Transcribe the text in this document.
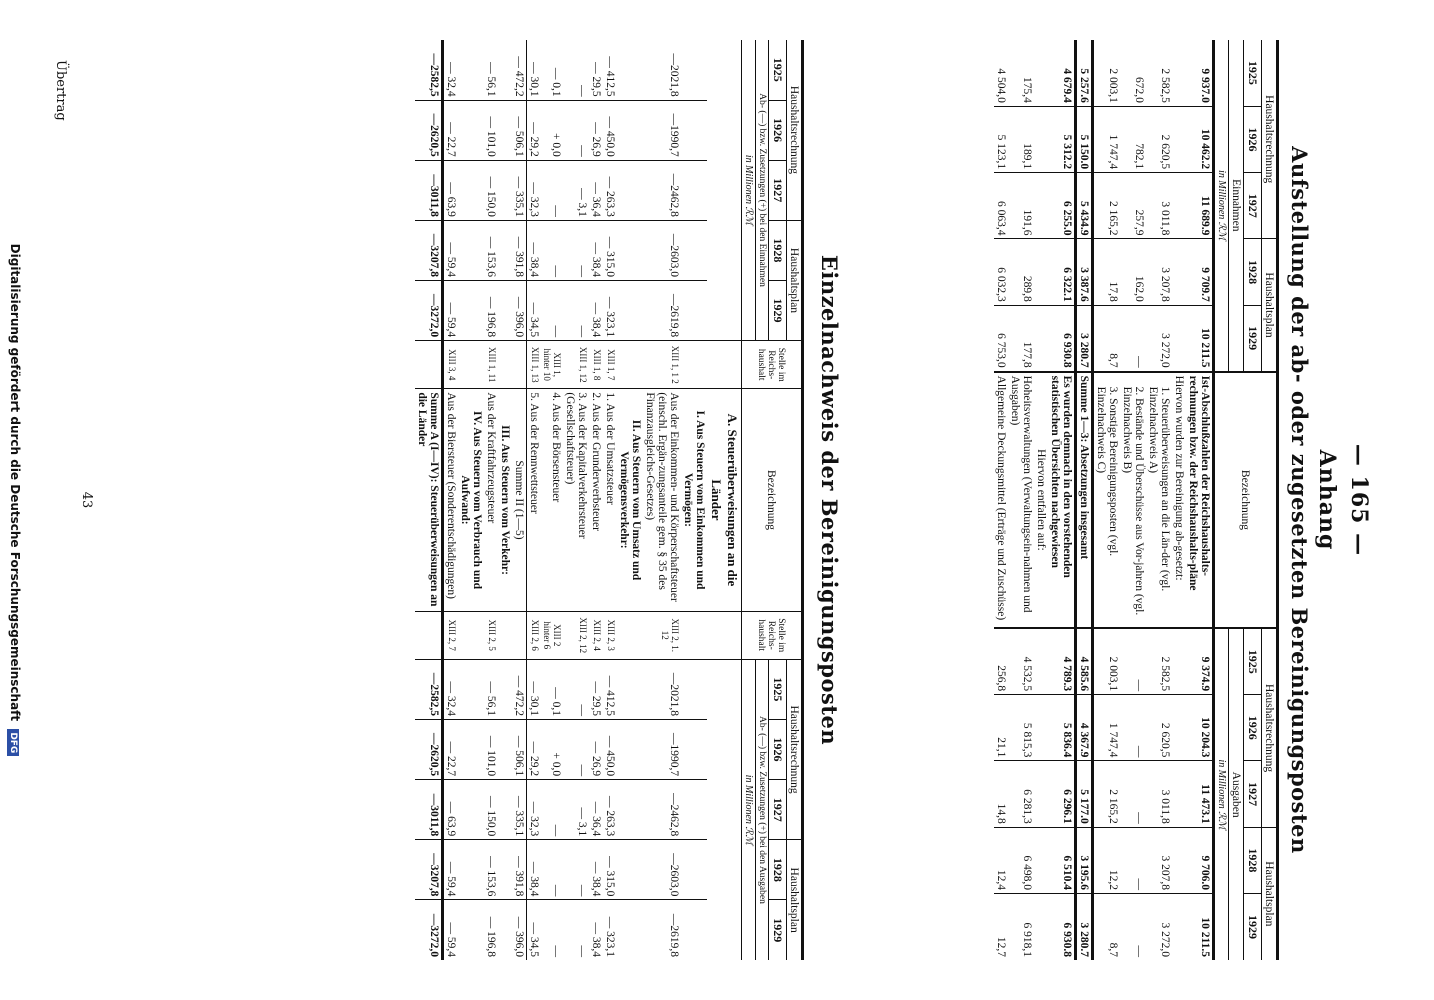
— 165 —
Anhang
Aufstellung der ab- oder zugesetzten Bereinigungsposten
Haushaltsrechnung			Haushaltsplan		Bezeichnung	Haushaltsrechnung			Haushaltsplan	
1925	1926	1927	1928	1929		1925	1926	1927	1928	1929
Einnahmen						Ausgaben				
in Millionen ℛℳ						in Millionen ℛℳ				
9 937.0	10 462.2	11 689.9	9 709.7	10 211.5	Ist-Abschlußzahlen der Reichshaushalts-rechnungen bzw. der Reichshaushalts-pläne	9 374.9	10 204.3	11 473.1	9 706.0	10 211.5
					Hiervon wurden zur Bereinigung ab-gesetzt:					
2 582,5	2 620,5	3 011,8	3 207,8	3 272,0	1. Steuerüberweisungen an die Län-der (vgl. Einzelnachweis A)	2 582,5	2 620,5	3 011,8	3 207,8	3 272,0
672,0	782,1	257,9	162,0	—	2. Bestände und Überschüsse aus Vor-jahren (vgl. Einzelnachweis B)	—	—	—	—	—
2 003,1	1 747,4	2 165,2	17,8	8,7	3. Sonstige Bereinigungsposten (vgl. Einzelnachweis C)	2 003,1	1 747,4	2 165,2	12,2	8,7
5 257.6	5 150.0	5 434.9	3 387.6	3 280.7	Summe 1—3: Absetzungen insgesamt	4 585.6	4 367.9	5 177.0	3 195.6	3 280.7
4 679.4	5 312.2	6 255.0	6 322.1	6 930.8	Es wurden demnach in den vorstehenden statistischen Übersichten nachgewiesen	4 789.3	5 836.4	6 296.1	6 510.4	6 930.8
					Hiervon entfallen auf:					
175,4	189,1	191,6	289,8	177,8	Hoheitsverwaltungen (Verwaltungsein-nahmen und Ausgaben)	4 532,5	5 815,3	6 281,3	6 498,0	6 918,1
4 504,0	5 123,1	6 063,4	6 032,3	6 753,0	Allgemeine Deckungsmittel (Erträge und Zuschüsse)	256,8	21,1	14,8	12,4	12,7
Einzelnachweis der Bereinigungsposten
Haushaltsrechnung			Haushaltsplan		Stelle im Reichs-haushalt	Bezeichnung	Stelle im Reichs-haushalt	Haushaltsrechnung			Haushaltsplan	
1925	1926	1927	1928	1929				1925	1926	1927	1928	1929
Ab- (—) bzw. Zusetzungen (+) bei den Einnahmen								Ab- (—) bzw. Zusetzungen (+) bei den Ausgaben				
in Millionen ℛℳ								in Millionen ℛℳ				
						A. Steuerüberweisungen an die Länder						
						I. Aus Steuern vom Einkommen und Vermögen:						
—2021,8	—1990,7	—2462,8	—2603,0	—2619,8	XIII 1, 1 2	Aus der Einkommen- und Körperschaftsteuer (einschl. Ergän-zungsanteile gem. § 35 des Finanzausgleichs-Gesetzes)	XIII 2, 1. 12	—2021,8	—1990,7	—2462,8	—2603,0	—2619,8
						II. Aus Steuern vom Umsatz und Vermögensverkehr:						
— 412,5	— 450,0	— 263,3	— 315,0	— 323,1	XIII 1, 7	1. Aus der Umsatzsteuer	XIII 2, 3	— 412,5	— 450,0	— 263,3	— 315,0	— 323,1
— 29,5	— 26,9	— 36,4	— 38,4	— 38,4	XIII 1, 8	2. Aus der Grunderwerbsteuer	XIII 2, 4	— 29,5	— 26,9	— 36,4	— 38,4	— 38,4
—	—	— 3,1	—	—	XIII 1, 12	3. Aus der Kapitalverkehrsteuer (Gesellschaftsteuer)	XIII 2, 12	—	—	— 3,1	—	—
— 0,1	+ 0,0	—	—	—	XIII 1, hinter 10	4. Aus der Börsensteuer	XIII 2 hinter 6	— 0,1	+ 0,0	—	—	—
— 30,1	— 29,2	— 32,3	— 38,4	— 34,5	XIII 1, 13	5. Aus der Rennwettsteuer	XIII 2, 6	— 30,1	— 29,2	— 32,3	— 38,4	— 34,5
— 472,2	— 506,1	— 335,1	— 391,8	— 396,0		Summe II (1—5)		— 472,2	— 506,1	— 335,1	— 391,8	— 396,0
						III. Aus Steuern vom Verkehr:						
— 56,1	— 101,0	— 150,0	— 153,6	— 196,8	XIII 1, 11	Aus der Kraftfahrzeugsteuer	XIII 2, 5	— 56,1	— 101,0	— 150,0	— 153,6	— 196,8
						IV. Aus Steuern vom Verbrauch und Aufwand:						
— 32,4	— 22,7	— 63,9	— 59,4	— 59,4	XIII 3, 4	Aus der Biersteuer (Sonderentschädigungen)	XIII 2, 7	— 32,4	— 22,7	— 63,9	— 59,4	— 59,4
—2582,5	—2620,5	—3011,8	—3207,8	—3272,0		Summe A (I—IV): Steuerüberweisungen an die Länder		—2582,5	—2620,5	—3011,8	—3207,8	—3272,0
43
Übertrag
Digitalisierung gefördert durch die Deutsche Forschungsgemeinschaft DFG
